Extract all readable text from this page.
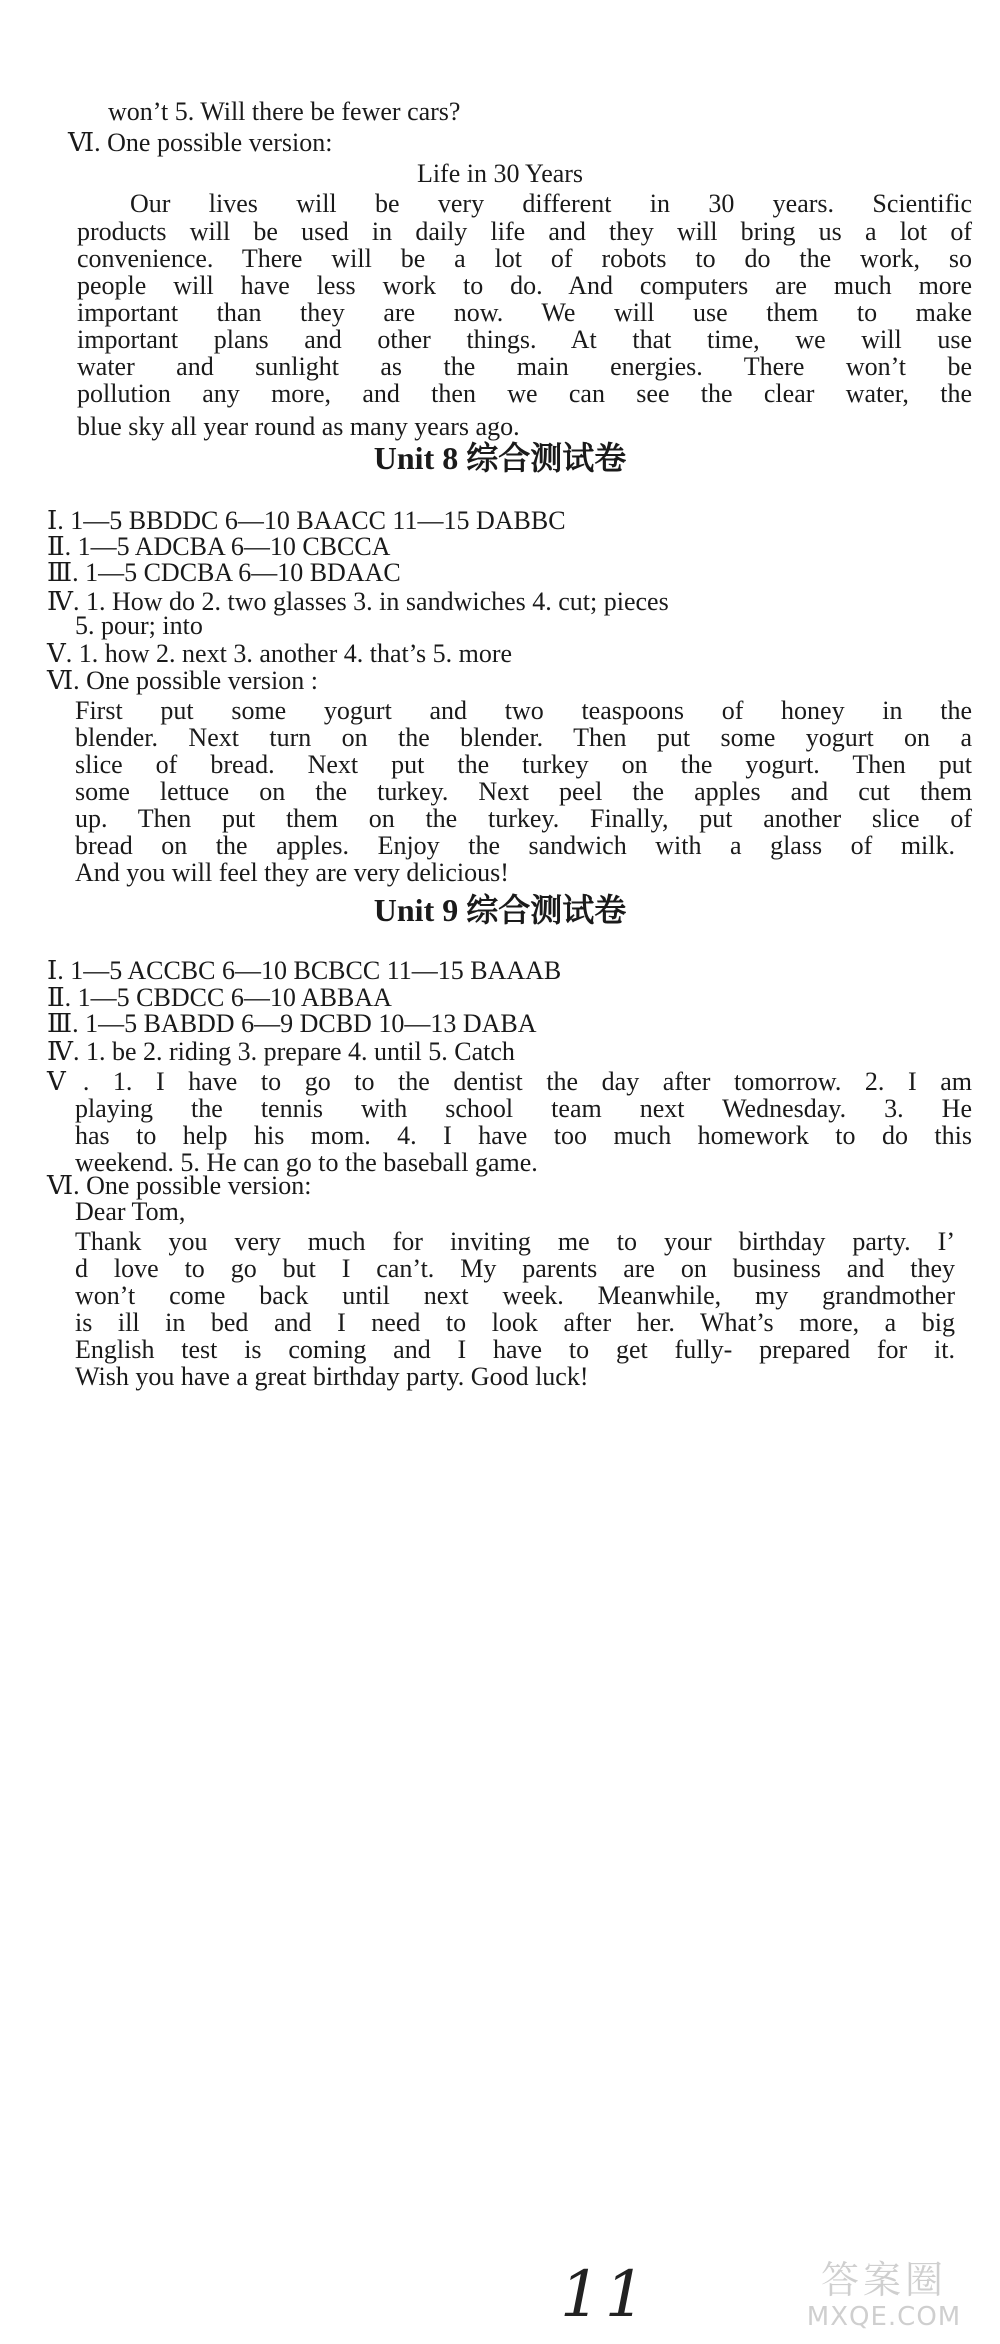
won’t 5. Will there be fewer cars?
Ⅵ. One possible version:
Life in 30 Years
Our lives will be very different in 30 years. Scientific
products will be used in daily life and they will bring us a lot of
convenience. There will be a lot of robots to do the work, so
people will have less work to do. And computers are much more
important than they are now. We will use them to make
important plans and other things. At that time, we will use
water and sunlight as the main energies. There won’t be
pollution any more, and then we can see the clear water, the
blue sky all year round as many years ago.
Unit 8 综合测试卷
Ⅰ. 1—5 BBDDC 6—10 BAACC 11—15 DABBC
Ⅱ. 1—5 ADCBA 6—10 CBCCA
Ⅲ. 1—5 CDCBA 6—10 BDAAC
Ⅳ. 1. How do 2. two glasses 3. in sandwiches 4. cut; pieces
5. pour; into
Ⅴ. 1. how 2. next 3. another 4. that’s 5. more
Ⅵ. One possible version :
First put some yogurt and two teaspoons of honey in the
blender. Next turn on the blender. Then put some yogurt on a
slice of bread. Next put the turkey on the yogurt. Then put
some lettuce on the turkey. Next peel the apples and cut them
up. Then put them on the turkey. Finally, put another slice of
bread on the apples. Enjoy the sandwich with a glass of milk.
And you will feel they are very delicious!
Unit 9 综合测试卷
Ⅰ. 1—5 ACCBC 6—10 BCBCC 11—15 BAAAB
Ⅱ. 1—5 CBDCC 6—10 ABBAA
Ⅲ. 1—5 BABDD 6—9 DCBD 10—13 DABA
Ⅳ. 1. be 2. riding 3. prepare 4. until 5. Catch
Ⅴ. 1. I have to go to the dentist the day after tomorrow. 2. I am
playing the tennis with school team next Wednesday. 3. He
has to help his mom. 4. I have too much homework to do this
weekend. 5. He can go to the baseball game.
Ⅵ. One possible version:
Dear Tom,
Thank you very much for inviting me to your birthday party. I’
d love to go but I can’t. My parents are on business and they
won’t come back until next week. Meanwhile, my grandmother
is ill in bed and I need to look after her. What’s more, a big
English test is coming and I have to get fully- prepared for it.
Wish you have a great birthday party. Good luck!
11	答案圈
MXQE.COM
